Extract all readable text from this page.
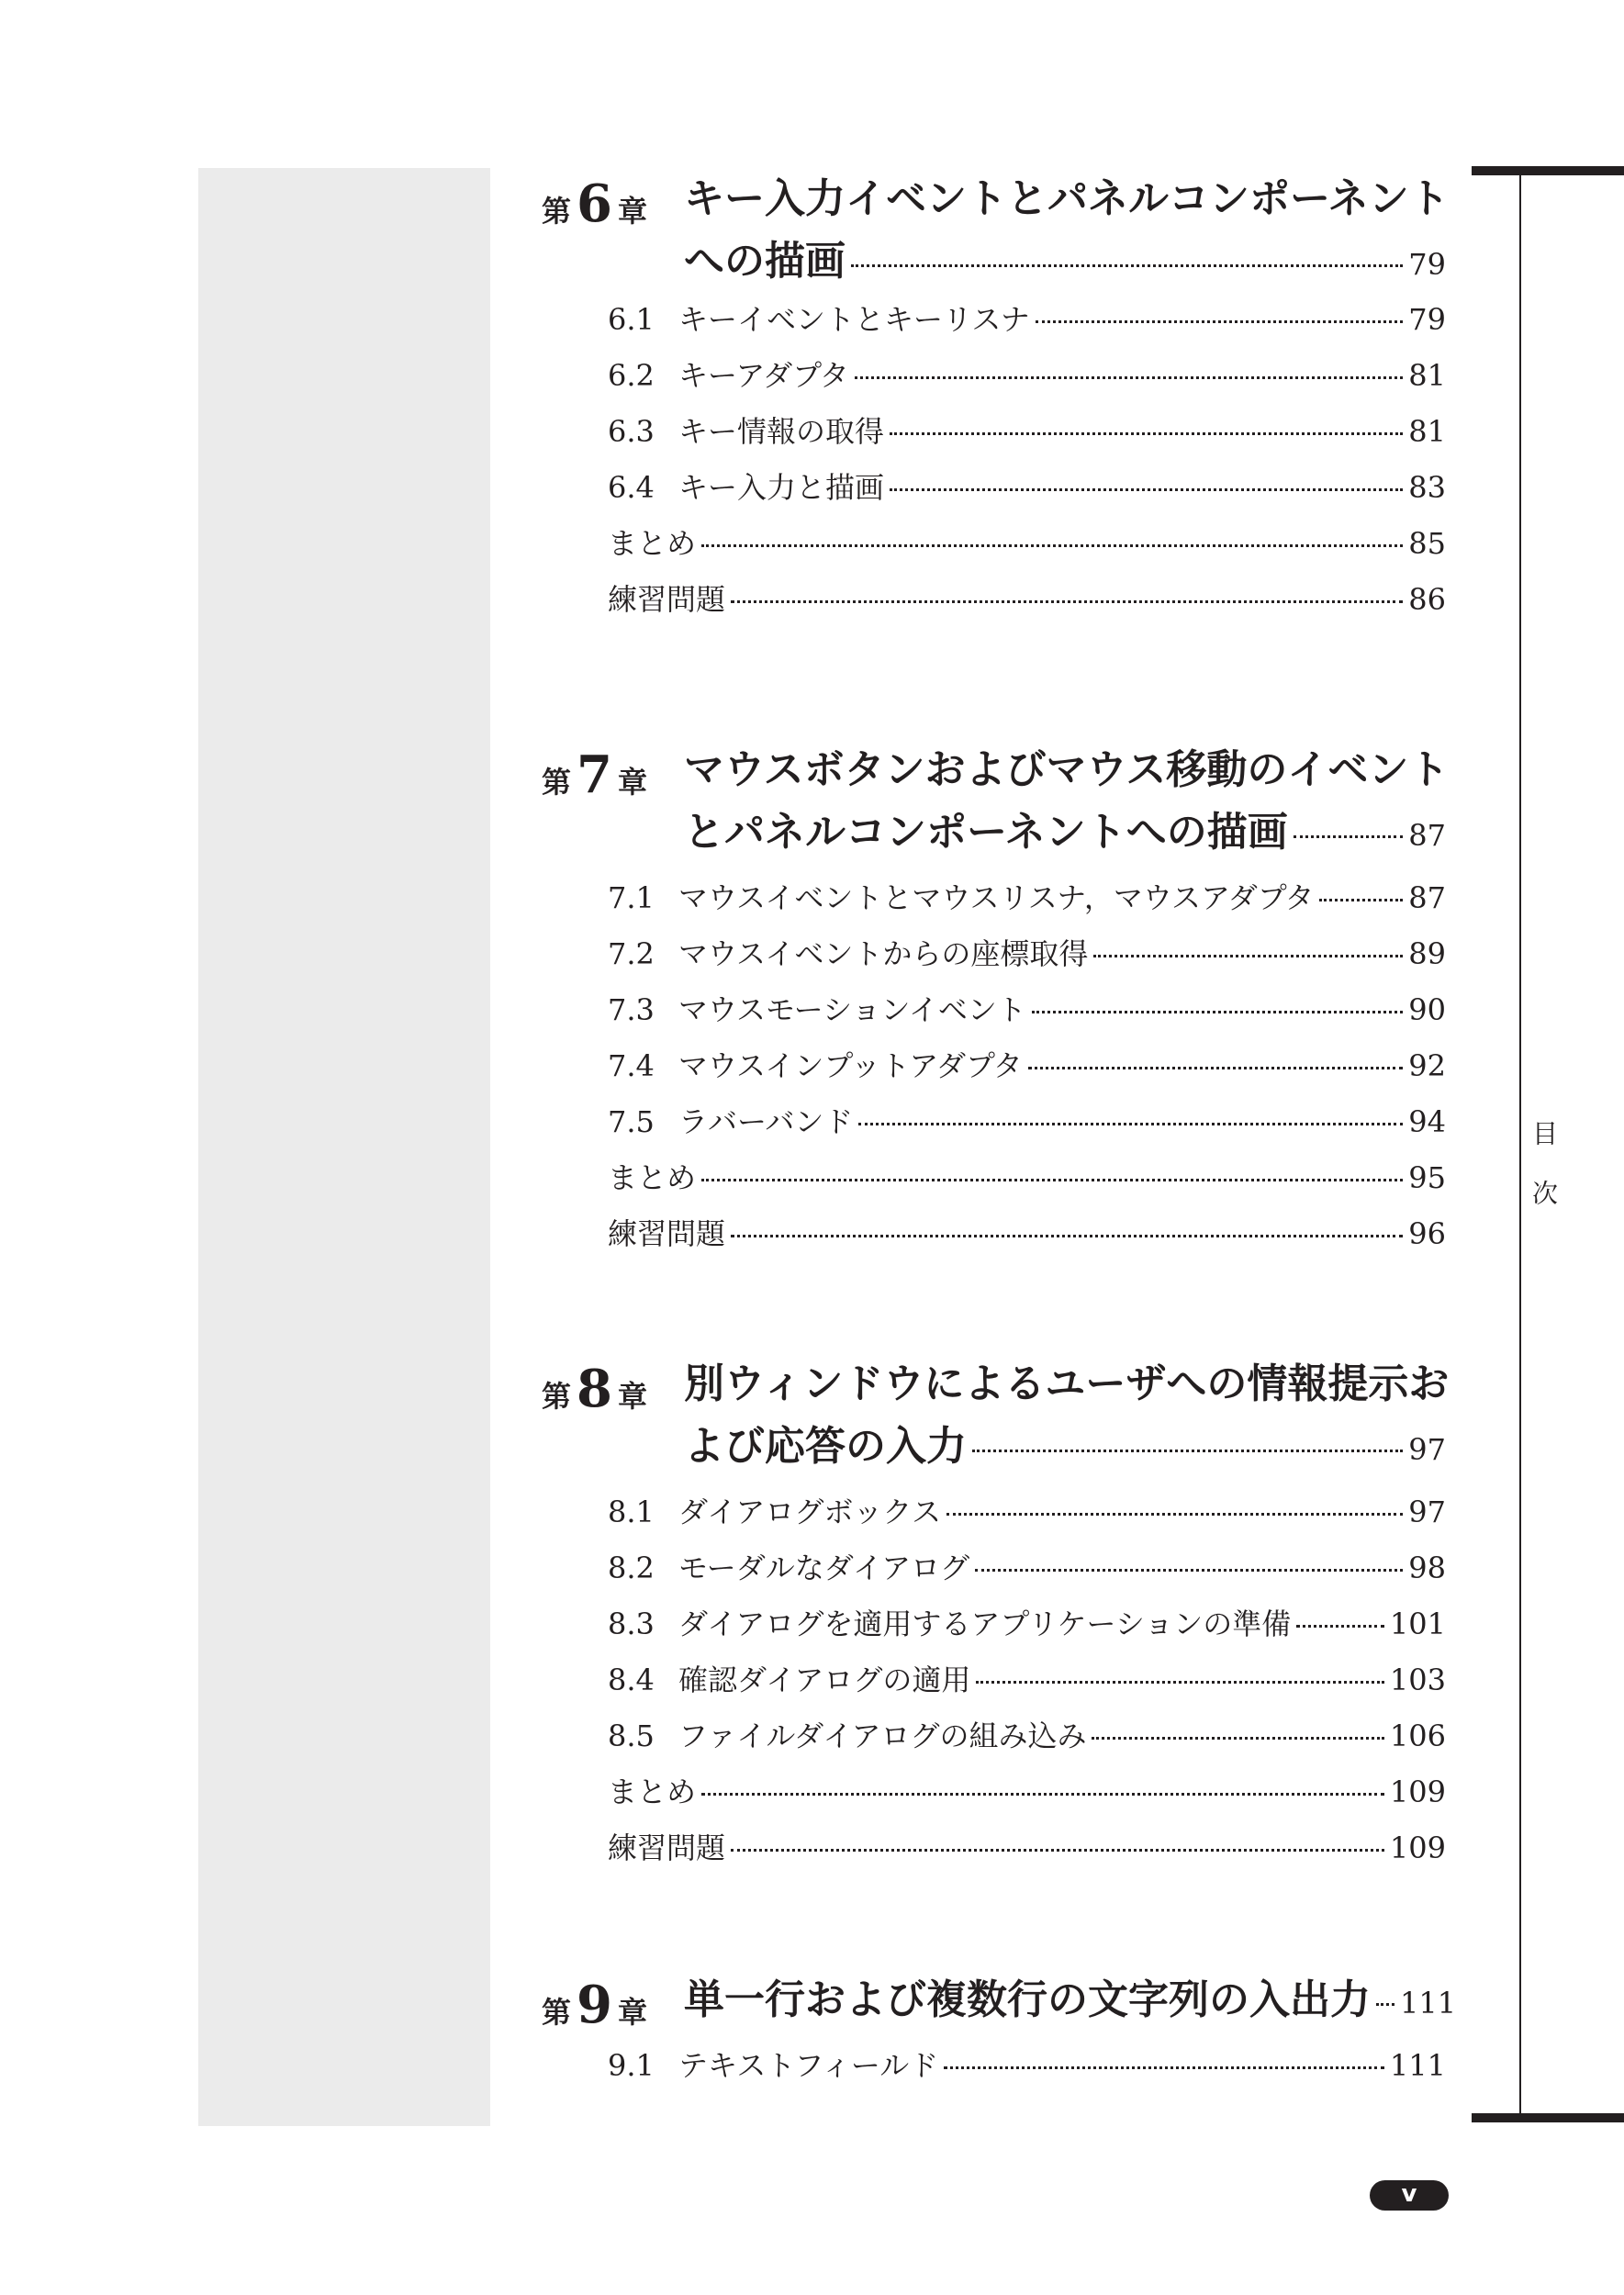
目 次
v
第 6 章 キー入力イベントとパネルコンポーネント
への描画	79
6.1 キーイベントとキーリスナ	79
6.2 キーアダプタ	81
6.3 キー情報の取得	81
6.4 キー入力と描画	83
まとめ	85
練習問題	86
第 7 章 マウスボタンおよびマウス移動のイベント
とパネルコンポーネントへの描画	87
7.1 マウスイベントとマウスリスナ，マウスアダプタ	87
7.2 マウスイベントからの座標取得	89
7.3 マウスモーションイベント	90
7.4 マウスインプットアダプタ	92
7.5 ラバーバンド	94
まとめ	95
練習問題	96
第 8 章 別ウィンドウによるユーザへの情報提示お
よび応答の入力	97
8.1 ダイアログボックス	97
8.2 モーダルなダイアログ	98
8.3 ダイアログを適用するアプリケーションの準備	101
8.4 確認ダイアログの適用	103
8.5 ファイルダイアログの組み込み	106
まとめ	109
練習問題	109
第 9 章 単一行および複数行の文字列の入出力 111
9.1 テキストフィールド	111
